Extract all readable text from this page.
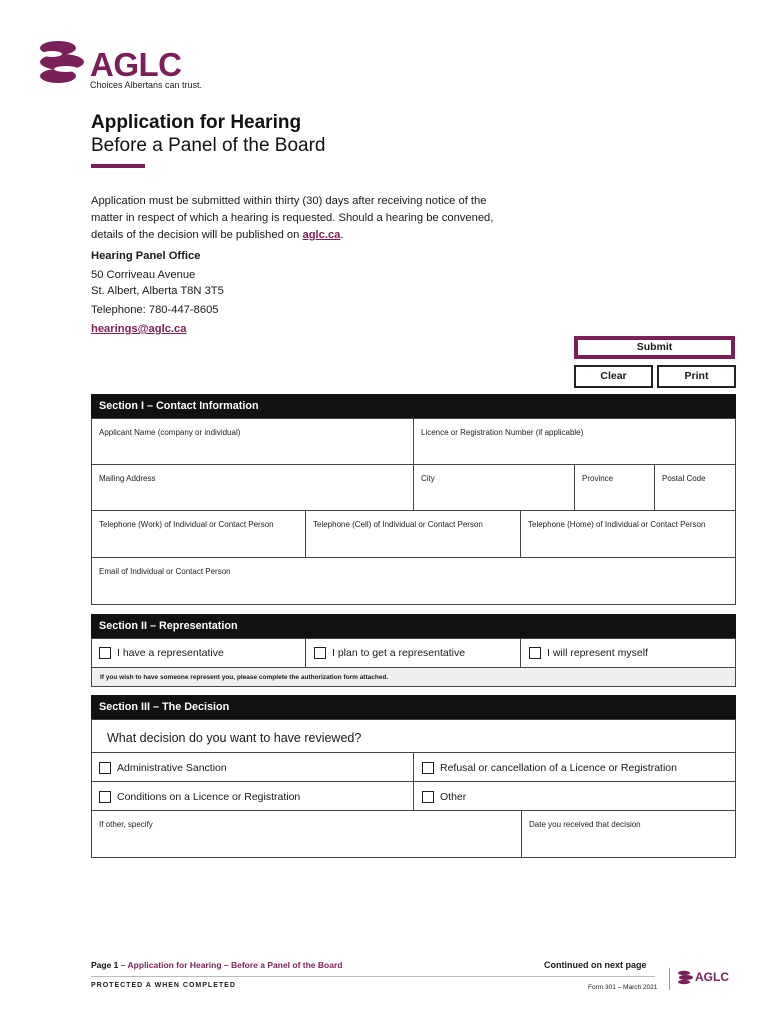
AGLC
Choices Albertans can trust.
Application for Hearing
Before a Panel of the Board
Application must be submitted within thirty (30) days after receiving notice of the matter in respect of which a hearing is requested. Should a hearing be convened, details of the decision will be published on aglc.ca.
Hearing Panel Office
50 Corriveau Avenue
St. Albert, Alberta T8N 3T5
Telephone: 780-447-8605
hearings@aglc.ca
Submit
Clear	Print
Section I – Contact Information
Applicant Name (company or individual)	Licence or Registration Number (if applicable)
Mailing Address	City	Province	Postal Code
Telephone (Work) of Individual or Contact Person	Telephone (Cell) of Individual or Contact Person	Telephone (Home) of Individual or Contact Person
Email of Individual or Contact Person
Section II – Representation
I have a representative	I plan to get a representative	I will represent myself
If you wish to have someone represent you, please complete the authorization form attached.
Section III – The Decision
What decision do you want to have reviewed?
Administrative Sanction	Refusal or cancellation of a Licence or Registration
Conditions on a Licence or Registration	Other
If other, specify	Date you received that decision
Page 1 – Application for Hearing – Before a Panel of the Board	Continued on next page
PROTECTED A WHEN COMPLETED	Form 301 – March 2021
AGLC
